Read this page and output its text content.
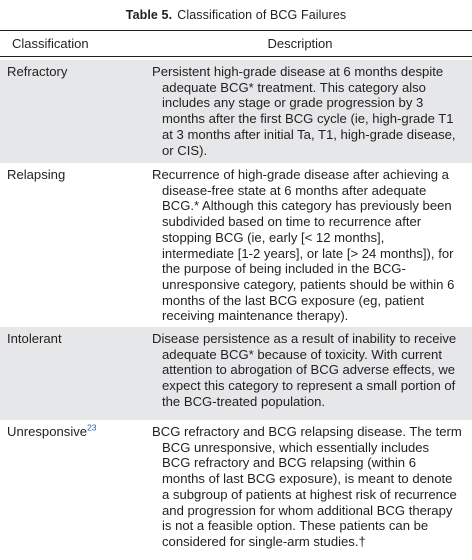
Table 5. Classification of BCG Failures
Classification	Description
Refractory	Persistent high-grade disease at 6 months despite
adequate BCG* treatment. This category also
includes any stage or grade progression by 3
months after the first BCG cycle (ie, high-grade T1
at 3 months after initial Ta, T1, high-grade disease,
or CIS).
Relapsing	Recurrence of high-grade disease after achieving a
disease-free state at 6 months after adequate
BCG.* Although this category has previously been
subdivided based on time to recurrence after
stopping BCG (ie, early [< 12 months],
intermediate [1-2 years], or late [> 24 months]), for
the purpose of being included in the BCG-
unresponsive category, patients should be within 6
months of the last BCG exposure (eg, patient
receiving maintenance therapy).
Intolerant	Disease persistence as a result of inability to receive
adequate BCG* because of toxicity. With current
attention to abrogation of BCG adverse effects, we
expect this category to represent a small portion of
the BCG-treated population.
Unresponsive$^{23}$	BCG refractory and BCG relapsing disease. The term
BCG unresponsive, which essentially includes
BCG refractory and BCG relapsing (within 6
months of last BCG exposure), is meant to denote
a subgroup of patients at highest risk of recurrence
and progression for whom additional BCG therapy
is not a feasible option. These patients can be
considered for single-arm studies.†
